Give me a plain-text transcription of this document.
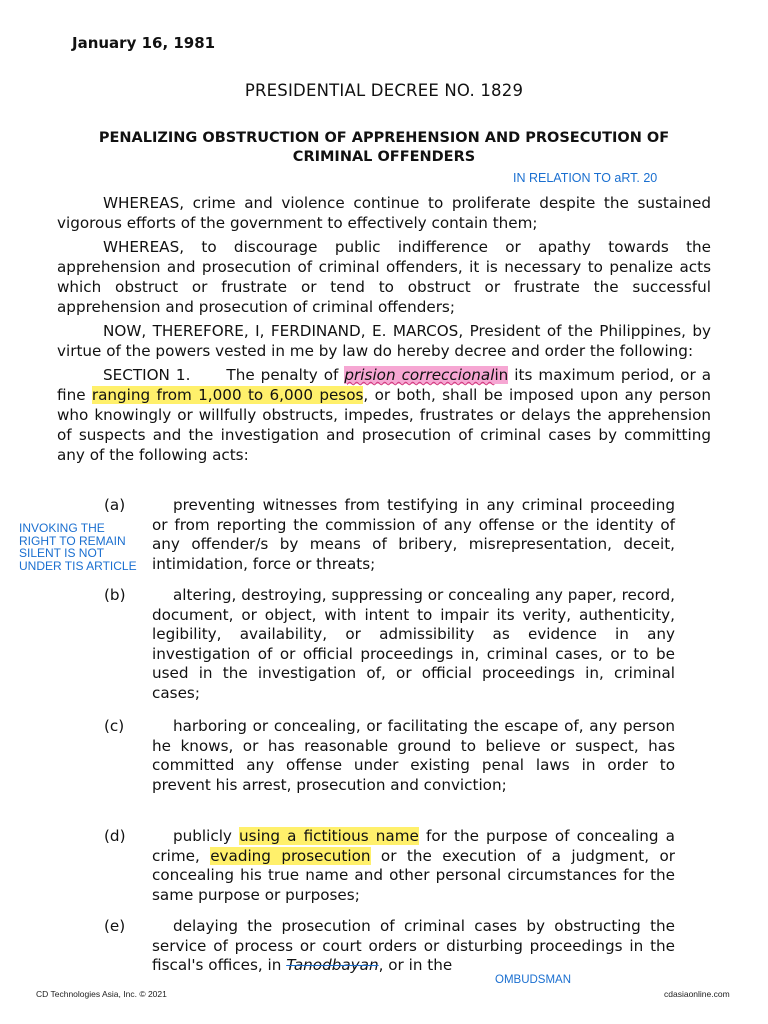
January 16, 1981
PRESIDENTIAL DECREE NO. 1829
PENALIZING OBSTRUCTION OF APPREHENSION AND PROSECUTION OF CRIMINAL OFFENDERS
IN RELATION TO aRT. 20

WHEREAS, crime and violence continue to proliferate despite the sustained vigorous efforts of the government to effectively contain them;

WHEREAS, to discourage public indifference or apathy towards the apprehension and prosecution of criminal offenders, it is necessary to penalize acts which obstruct or frustrate or tend to obstruct or frustrate the successful apprehension and prosecution of criminal offenders;

NOW, THEREFORE, I, FERDINAND, E. MARCOS, President of the Philippines, by virtue of the powers vested in me by law do hereby decree and order the following:

SECTION 1. The penalty of prision correccionalin its maximum period, or a fine ranging from 1,000 to 6,000 pesos, or both, shall be imposed upon any person who knowingly or willfully obstructs, impedes, frustrates or delays the apprehension of suspects and the investigation and prosecution of criminal cases by committing any of the following acts:

INVOKING THE RIGHT TO REMAIN SILENT IS NOT UNDER TIS ARTICLE
(a)	preventing witnesses from testifying in any criminal proceeding or from reporting the commission of any offense or the identity of any offender/s by means of bribery, misrepresentation, deceit, intimidation, force or threats;
(b)	altering, destroying, suppressing or concealing any paper, record, document, or object, with intent to impair its verity, authenticity, legibility, availability, or admissibility as evidence in any investigation of or official proceedings in, criminal cases, or to be used in the investigation of, or official proceedings in, criminal cases;
(c)	harboring or concealing, or facilitating the escape of, any person he knows, or has reasonable ground to believe or suspect, has committed any offense under existing penal laws in order to prevent his arrest, prosecution and conviction;
(d)	publicly using a fictitious name for the purpose of concealing a crime, evading prosecution or the execution of a judgment, or concealing his true name and other personal circumstances for the same purpose or purposes;
(e)	delaying the prosecution of criminal cases by obstructing the service of process or court orders or disturbing proceedings in the fiscal's offices, in Tanodbayan, or in the
OMBUDSMAN
CD Technologies Asia, Inc. © 2021	cdasiaonline.com
